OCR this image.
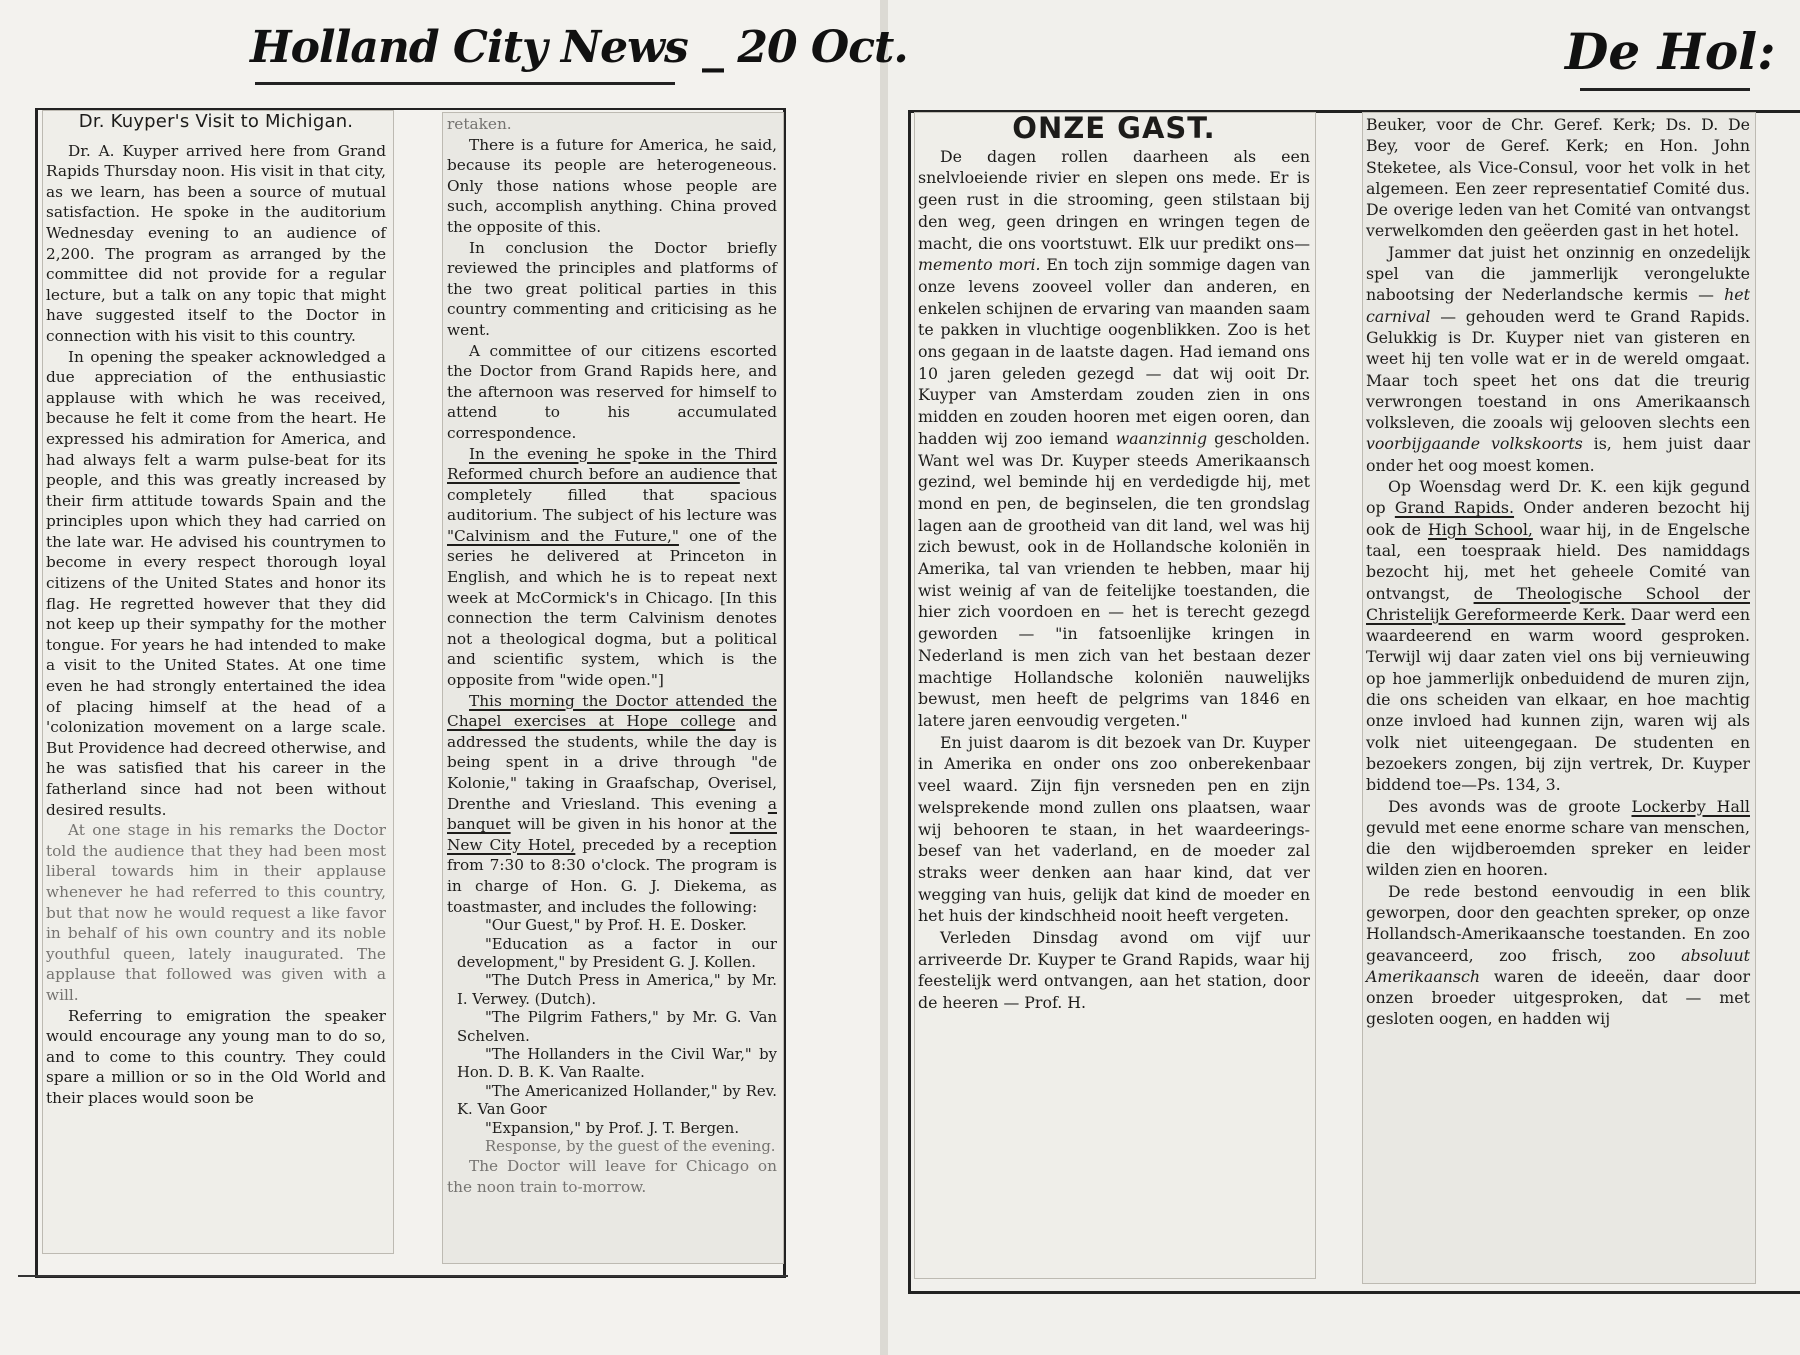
Holland City News _ 20 Oct.	De Hol:
Dr. Kuyper's Visit to Michigan.

Dr. A. Kuyper arrived here from Grand Rapids Thursday noon. His visit in that city, as we learn, has been a source of mutual satisfaction. He spoke in the auditorium Wednesday evening to an audience of 2,200. The program as arranged by the committee did not provide for a regular lecture, but a talk on any topic that might have suggested itself to the Doctor in connection with his visit to this country.

In opening the speaker acknowledged a due appreciation of the enthusiastic applause with which he was received, because he felt it come from the heart. He expressed his admiration for America, and had always felt a warm pulse-beat for its people, and this was greatly increased by their firm attitude towards Spain and the principles upon which they had carried on the late war. He advised his countrymen to become in every respect thorough loyal citizens of the United States and honor its flag. He regretted however that they did not keep up their sympathy for the mother tongue. For years he had intended to make a visit to the United States. At one time even he had strongly entertained the idea of placing himself at the head of a 'colonization movement on a large scale. But Providence had decreed otherwise, and he was satisfied that his career in the fatherland since had not been without desired results.

At one stage in his remarks the Doctor told the audience that they had been most liberal towards him in their applause whenever he had referred to this country, but that now he would request a like favor in behalf of his own country and its noble youthful queen, lately inaugurated. The applause that followed was given with a will.

Referring to emigration the speaker would encourage any young man to do so, and to come to this country. They could spare a million or so in the Old World and their places would soon be

retaken.

There is a future for America, he said, because its people are heterogeneous. Only those nations whose people are such, accomplish anything. China proved the opposite of this.

In conclusion the Doctor briefly reviewed the principles and platforms of the two great political parties in this country commenting and criticising as he went.

A committee of our citizens escorted the Doctor from Grand Rapids here, and the afternoon was reserved for himself to attend to his accumulated correspondence.

In the evening he spoke in the Third Reformed church before an audience that completely filled that spacious auditorium. The subject of his lecture was "Calvinism and the Future," one of the series he delivered at Princeton in English, and which he is to repeat next week at McCormick's in Chicago. [In this connection the term Calvinism denotes not a theological dogma, but a political and scientific system, which is the opposite from "wide open."]

This morning the Doctor attended the Chapel exercises at Hope college and addressed the students, while the day is being spent in a drive through "de Kolonie," taking in Graafschap, Overisel, Drenthe and Vriesland. This evening a banquet will be given in his honor at the New City Hotel, preceded by a reception from 7:30 to 8:30 o'clock. The program is in charge of Hon. G. J. Diekema, as toastmaster, and includes the following:

"Our Guest," by Prof. H. E. Dosker.
"Education as a factor in our development," by President G. J. Kollen.
"The Dutch Press in America," by Mr. I. Verwey. (Dutch).
"The Pilgrim Fathers," by Mr. G. Van Schelven.
"The Hollanders in the Civil War," by Hon. D. B. K. Van Raalte.
"The Americanized Hollander," by Rev. K. Van Goor
"Expansion," by Prof. J. T. Bergen.
Response, by the guest of the evening.

The Doctor will leave for Chicago on the noon train to-morrow.

ONZE GAST.

De dagen rollen daarheen als een snelvloeiende rivier en slepen ons mede. Er is geen rust in die strooming, geen stilstaan bij den weg, geen dringen en wringen tegen de macht, die ons voortstuwt. Elk uur predikt ons—memento mori. En toch zijn sommige dagen van onze levens zooveel voller dan anderen, en enkelen schijnen de ervaring van maanden saam te pakken in vluchtige oogenblikken. Zoo is het ons gegaan in de laatste dagen. Had iemand ons 10 jaren geleden gezegd — dat wij ooit Dr. Kuyper van Amsterdam zouden zien in ons midden en zouden hooren met eigen ooren, dan hadden wij zoo iemand waanzinnig gescholden. Want wel was Dr. Kuyper steeds Amerikaansch gezind, wel beminde hij en verdedigde hij, met mond en pen, de beginselen, die ten grondslag lagen aan de grootheid van dit land, wel was hij zich bewust, ook in de Hollandsche koloniën in Amerika, tal van vrienden te hebben, maar hij wist weinig af van de feitelijke toestanden, die hier zich voordoen en — het is terecht gezegd geworden — "in fatsoenlijke kringen in Nederland is men zich van het bestaan dezer machtige Hollandsche koloniën nauwelijks bewust, men heeft de pelgrims van 1846 en latere jaren eenvoudig vergeten."

En juist daarom is dit bezoek van Dr. Kuyper in Amerika en onder ons zoo onberekenbaar veel waard. Zijn fijn versneden pen en zijn welsprekende mond zullen ons plaatsen, waar wij behooren te staan, in het waardeerings-besef van het vaderland, en de moeder zal straks weer denken aan haar kind, dat ver wegging van huis, gelijk dat kind de moeder en het huis der kindschheid nooit heeft vergeten.

Verleden Dinsdag avond om vijf uur arriveerde Dr. Kuyper te Grand Rapids, waar hij feestelijk werd ontvangen, aan het station, door de heeren — Prof. H.

Beuker, voor de Chr. Geref. Kerk; Ds. D. De Bey, voor de Geref. Kerk; en Hon. John Steketee, als Vice-Consul, voor het volk in het algemeen. Een zeer representatief Comité dus. De overige leden van het Comité van ontvangst verwelkomden den geëerden gast in het hotel.

Jammer dat juist het onzinnig en onzedelijk spel van die jammerlijk verongelukte nabootsing der Nederlandsche kermis — het carnival — gehouden werd te Grand Rapids. Gelukkig is Dr. Kuyper niet van gisteren en weet hij ten volle wat er in de wereld omgaat. Maar toch speet het ons dat die treurig verwrongen toestand in ons Amerikaansch volksleven, die zooals wij gelooven slechts een voorbijgaande volkskoorts is, hem juist daar onder het oog moest komen.

Op Woensdag werd Dr. K. een kijk gegund op Grand Rapids. Onder anderen bezocht hij ook de High School, waar hij, in de Engelsche taal, een toespraak hield. Des namiddags bezocht hij, met het geheele Comité van ontvangst, de Theologische School der Christelijk Gereformeerde Kerk. Daar werd een waardeerend en warm woord gesproken. Terwijl wij daar zaten viel ons bij vernieuwing op hoe jammerlijk onbeduidend de muren zijn, die ons scheiden van elkaar, en hoe machtig onze invloed had kunnen zijn, waren wij als volk niet uiteengegaan. De studenten en bezoekers zongen, bij zijn vertrek, Dr. Kuyper biddend toe—Ps. 134, 3.

Des avonds was de groote Lockerby Hall gevuld met eene enorme schare van menschen, die den wijdberoemden spreker en leider wilden zien en hooren.

De rede bestond eenvoudig in een blik geworpen, door den geachten spreker, op onze Hollandsch-Amerikaansche toestanden. En zoo geavanceerd, zoo frisch, zoo absoluut Amerikaansch waren de ideeën, daar door onzen broeder uitgesproken, dat — met gesloten oogen, en hadden wij
